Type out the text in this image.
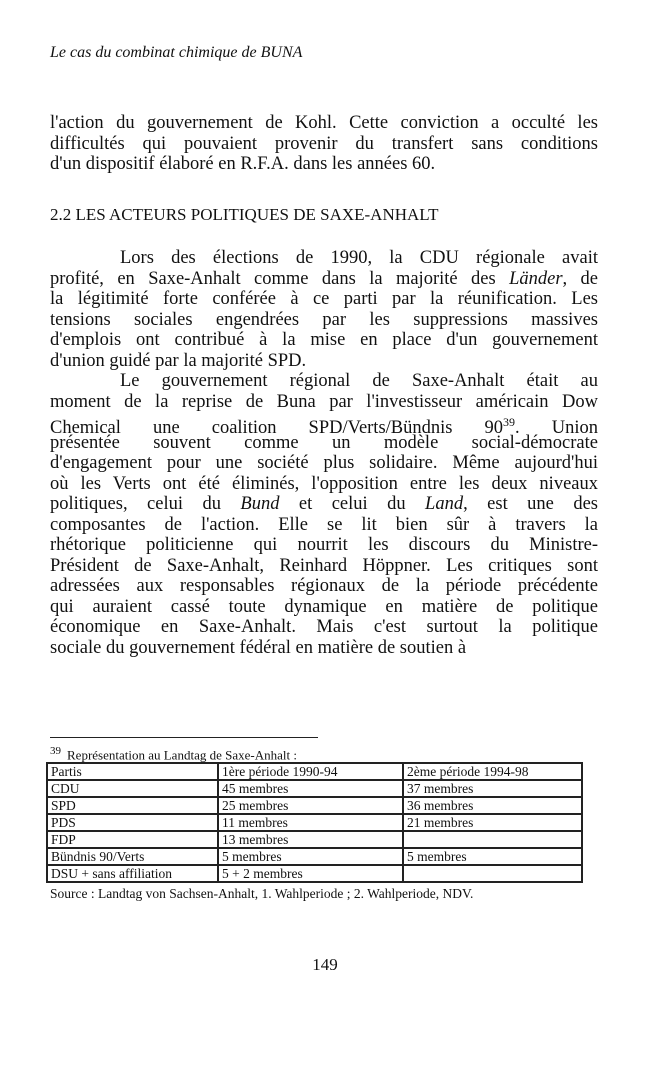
Le cas du combinat chimique de BUNA
l'action du gouvernement de Kohl. Cette conviction a occulté les
difficultés qui pouvaient provenir du transfert sans conditions
d'un dispositif élaboré en R.F.A. dans les années 60.
2.2 LES ACTEURS POLITIQUES DE SAXE-ANHALT
Lors des élections de 1990, la CDU régionale avait
profité, en Saxe-Anhalt comme dans la majorité des Länder, de
la légitimité forte conférée à ce parti par la réunification. Les
tensions sociales engendrées par les suppressions massives
d'emplois ont contribué à la mise en place d'un gouvernement
d'union guidé par la majorité SPD.
Le gouvernement régional de Saxe-Anhalt était au
moment de la reprise de Buna par l'investisseur américain Dow
Chemical une coalition SPD/Verts/Bündnis $90^{39}$. Union
présentée souvent comme un modèle social-démocrate
d'engagement pour une société plus solidaire. Même aujourd'hui
où les Verts ont été éliminés, l'opposition entre les deux niveaux
politiques, celui du Bund et celui du Land, est une des
composantes de l'action. Elle se lit bien sûr à travers la
rhétorique politicienne qui nourrit les discours du Ministre-
Président de Saxe-Anhalt, Reinhard Höppner. Les critiques sont
adressées aux responsables régionaux de la période précédente
qui auraient cassé toute dynamique en matière de politique
économique en Saxe-Anhalt. Mais c'est surtout la politique
sociale du gouvernement fédéral en matière de soutien à
$^{39}$ Représentation au Landtag de Saxe-Anhalt :
Partis	1ère période 1990-94	2ème période 1994-98
CDU	45 membres	37 membres
SPD	25 membres	36 membres
PDS	11 membres	21 membres
FDP	13 membres	
Bündnis 90/Verts	5 membres	5 membres
DSU + sans affiliation	5 + 2 membres	
Source : Landtag von Sachsen-Anhalt, 1. Wahlperiode ; 2. Wahlperiode, NDV.
149
